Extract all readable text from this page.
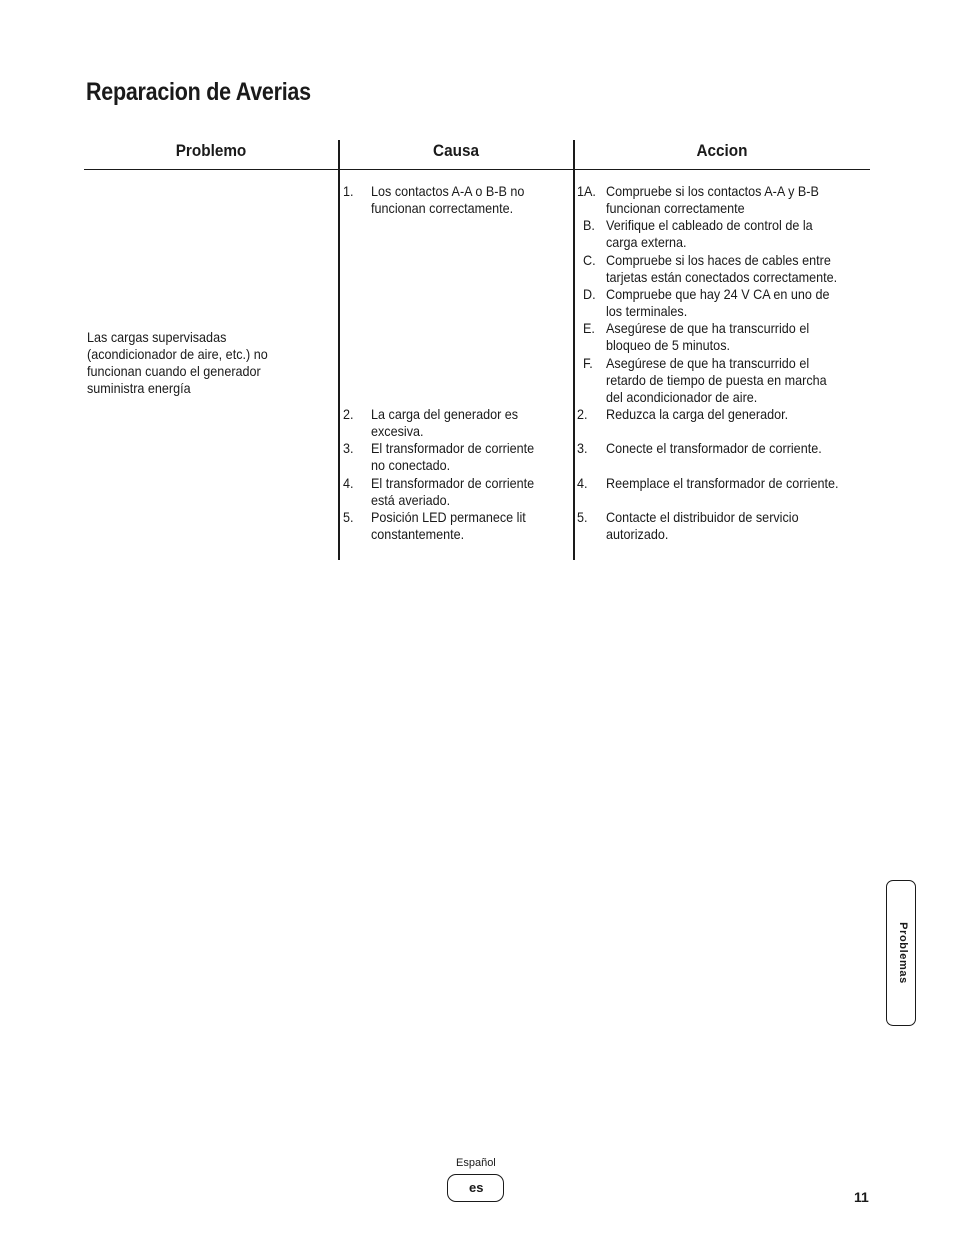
Reparacion de Averias
Problemo	Causa	Accion
Las cargas supervisadas
(acondicionador de aire, etc.) no
funcionan cuando el generador
suministra energía
1. Los contactos A-A o B-B no
funcionan correctamente.
2. La carga del generador es
excesiva.
3. El transformador de corriente
no conectado.
4. El transformador de corriente
está averiado.
5. Posición LED permanece lit
constantemente.
1A. Compruebe si los contactos A-A y B-B
funcionan correctamente
B. Verifique el cableado de control de la
carga externa.
C. Compruebe si los haces de cables entre
tarjetas están conectados correctamente.
D. Compruebe que hay 24 V CA en uno de
los terminales.
E. Asegúrese de que ha transcurrido el
bloqueo de 5 minutos.
F. Asegúrese de que ha transcurrido el
retardo de tiempo de puesta en marcha
del acondicionador de aire.
2. Reduzca la carga del generador.
3. Conecte el transformador de corriente.
4. Reemplace el transformador de corriente.
5. Contacte el distribuidor de servicio
autorizado.
Problemas
Español
es
11
